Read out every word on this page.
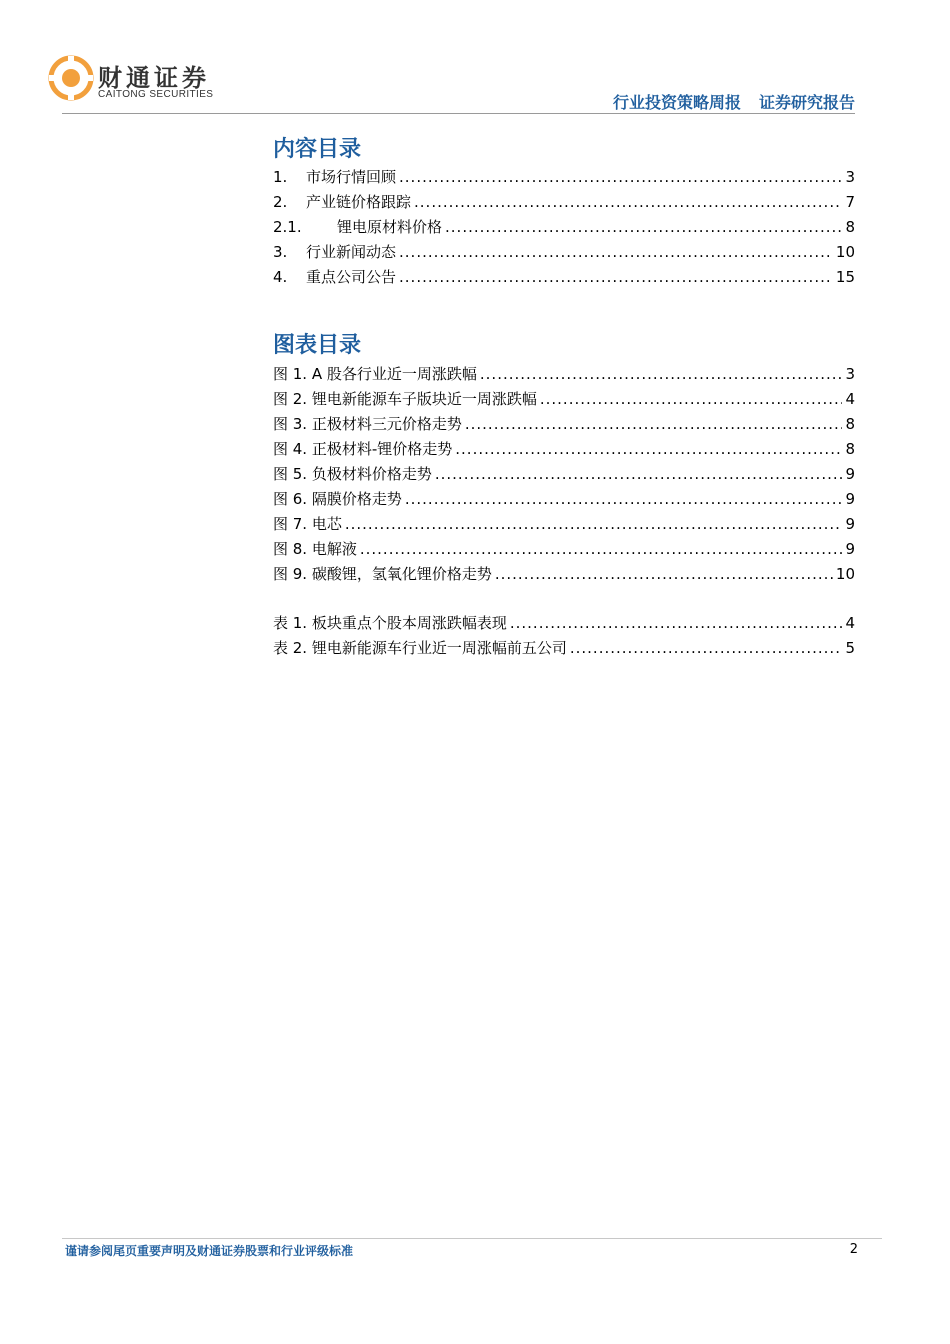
财通证券
CAITONG SECURITIES	行业投资策略周报 证券研究报告
内容目录
1.	市场行情回顾 .....	3
2.	产业链价格跟踪 .....	7
2.1.	锂电原材料价格 .....	8
3.	行业新闻动态 .....	10
4.	重点公司公告 .....	15
图表目录
图 1. A 股各行业近一周涨跌幅 .....	3
图 2. 锂电新能源车子版块近一周涨跌幅 .....	4
图 3. 正极材料三元价格走势 .....	8
图 4. 正极材料-锂价格走势 .....	8
图 5. 负极材料价格走势 .....	9
图 6. 隔膜价格走势 .....	9
图 7. 电芯 .....	9
图 8. 电解液 .....	9
图 9. 碳酸锂，氢氧化锂价格走势 .....	10
表 1. 板块重点个股本周涨跌幅表现 .....	4
表 2. 锂电新能源车行业近一周涨幅前五公司 .....	5
谨请参阅尾页重要声明及财通证券股票和行业评级标准	2
